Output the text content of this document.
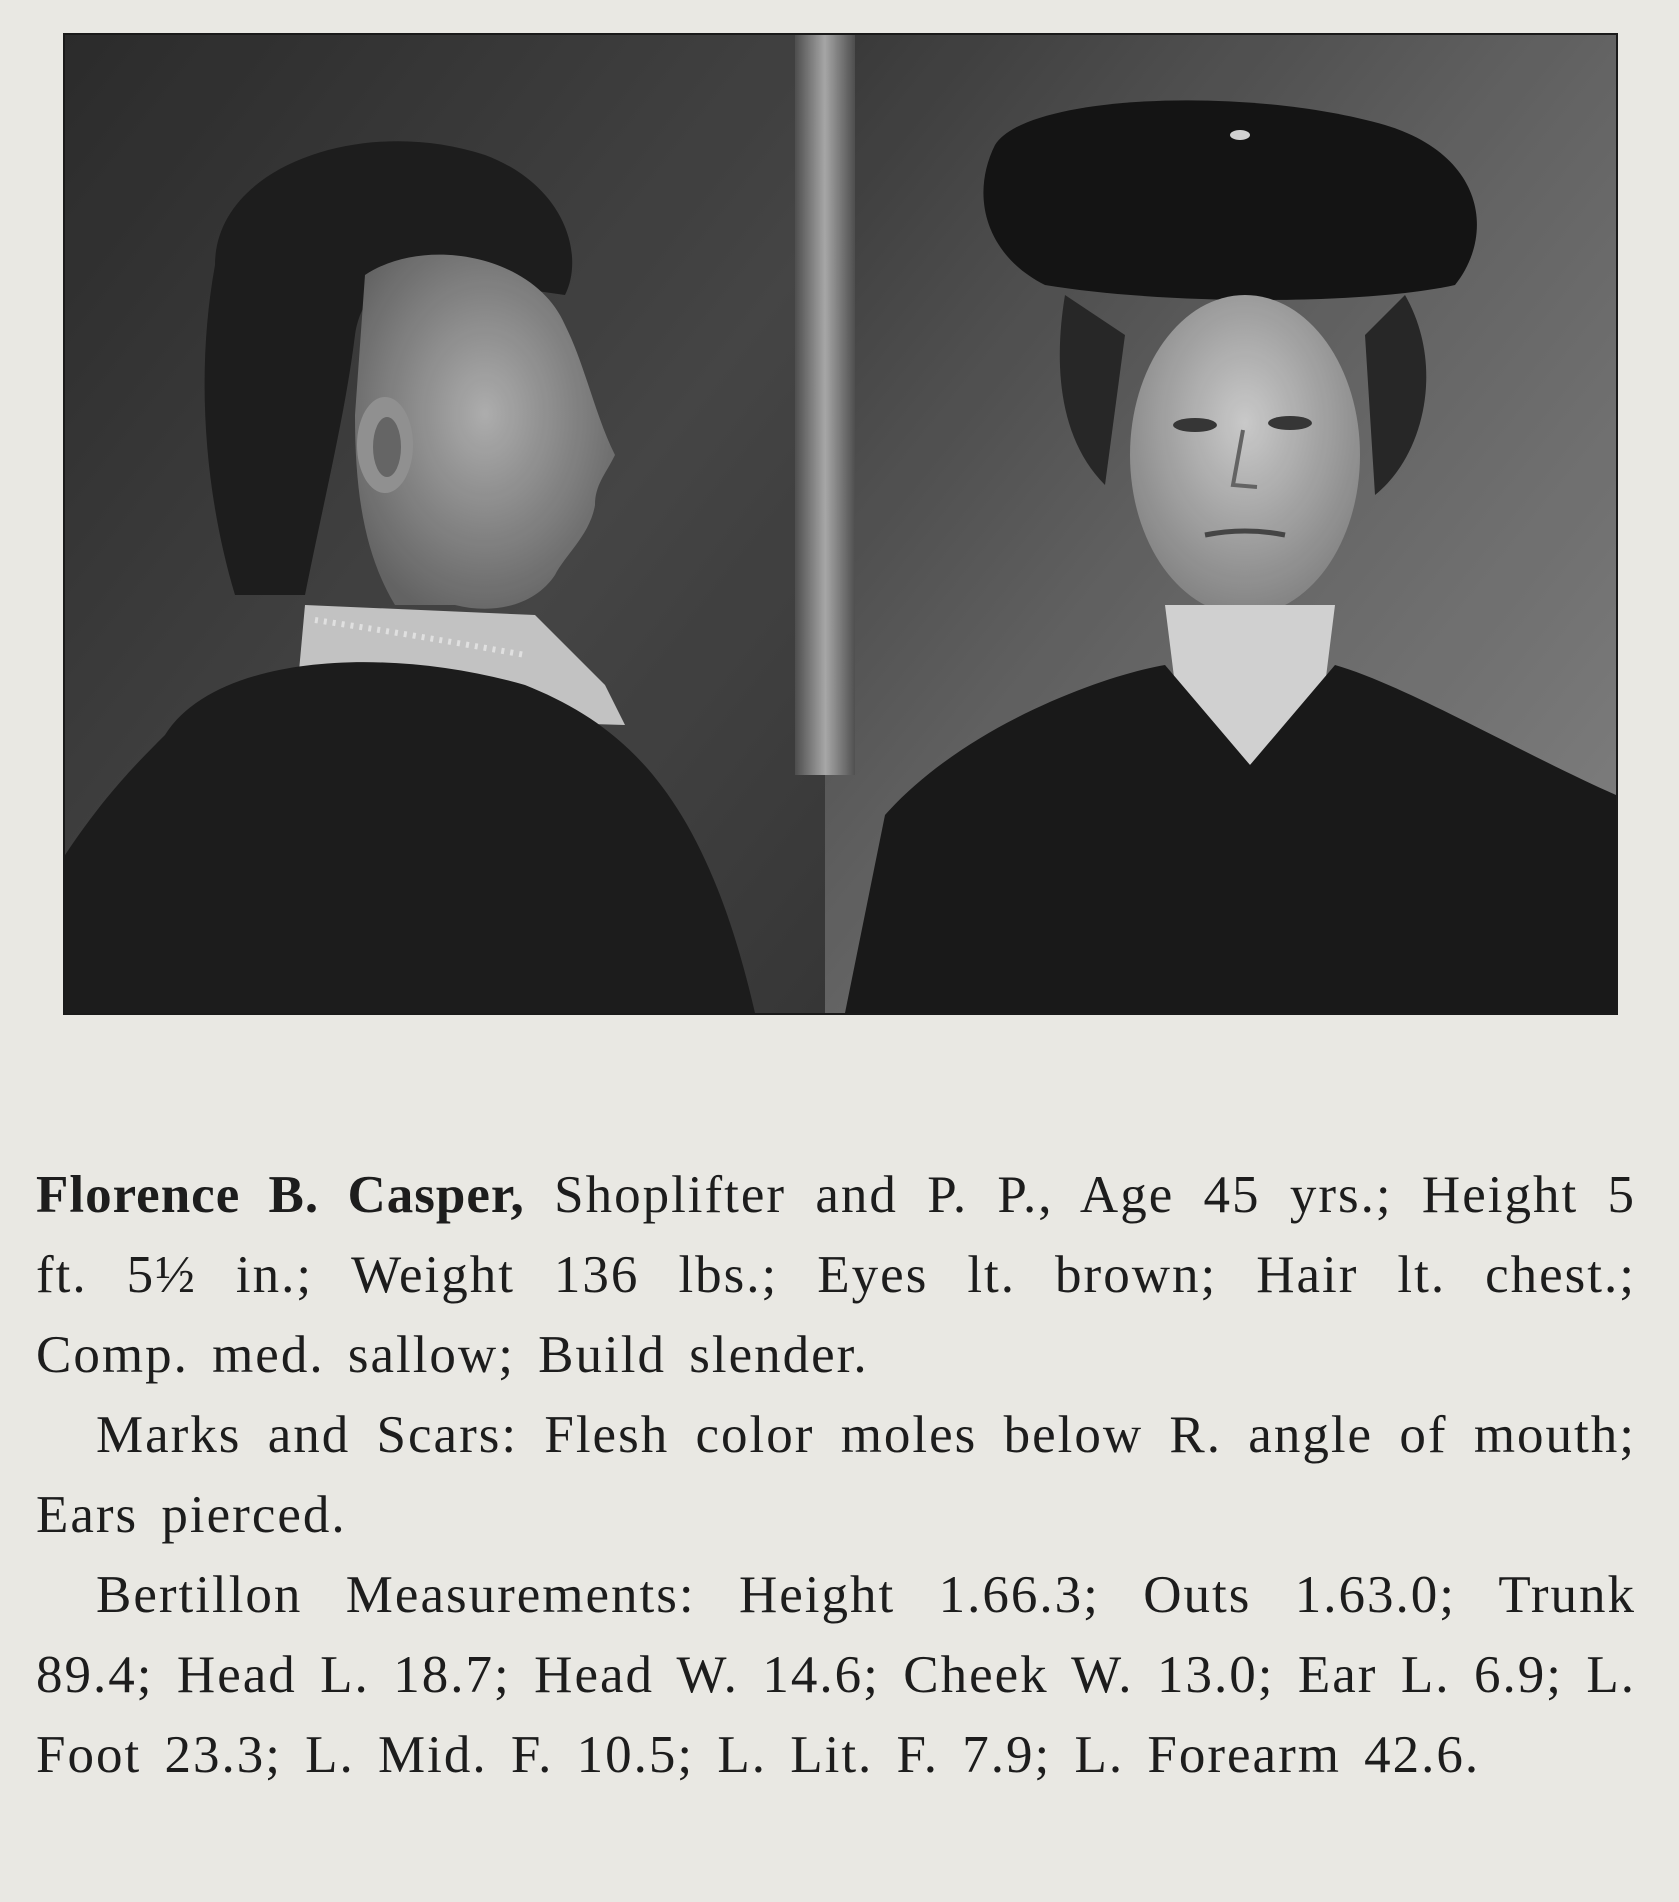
Florence B. Casper, Shoplifter and P. P., Age 45 yrs.; Height 5 ft. 5½ in.; Weight 136 lbs.; Eyes lt. brown; Hair lt. chest.; Comp. med. sallow; Build slender.

Marks and Scars: Flesh color moles below R. angle of mouth; Ears pierced.

Bertillon Measurements: Height 1.66.3; Outs 1.63.0; Trunk 89.4; Head L. 18.7; Head W. 14.6; Cheek W. 13.0; Ear L. 6.9; L. Foot 23.3; L. Mid. F. 10.5; L. Lit. F. 7.9; L. Forearm 42.6.
